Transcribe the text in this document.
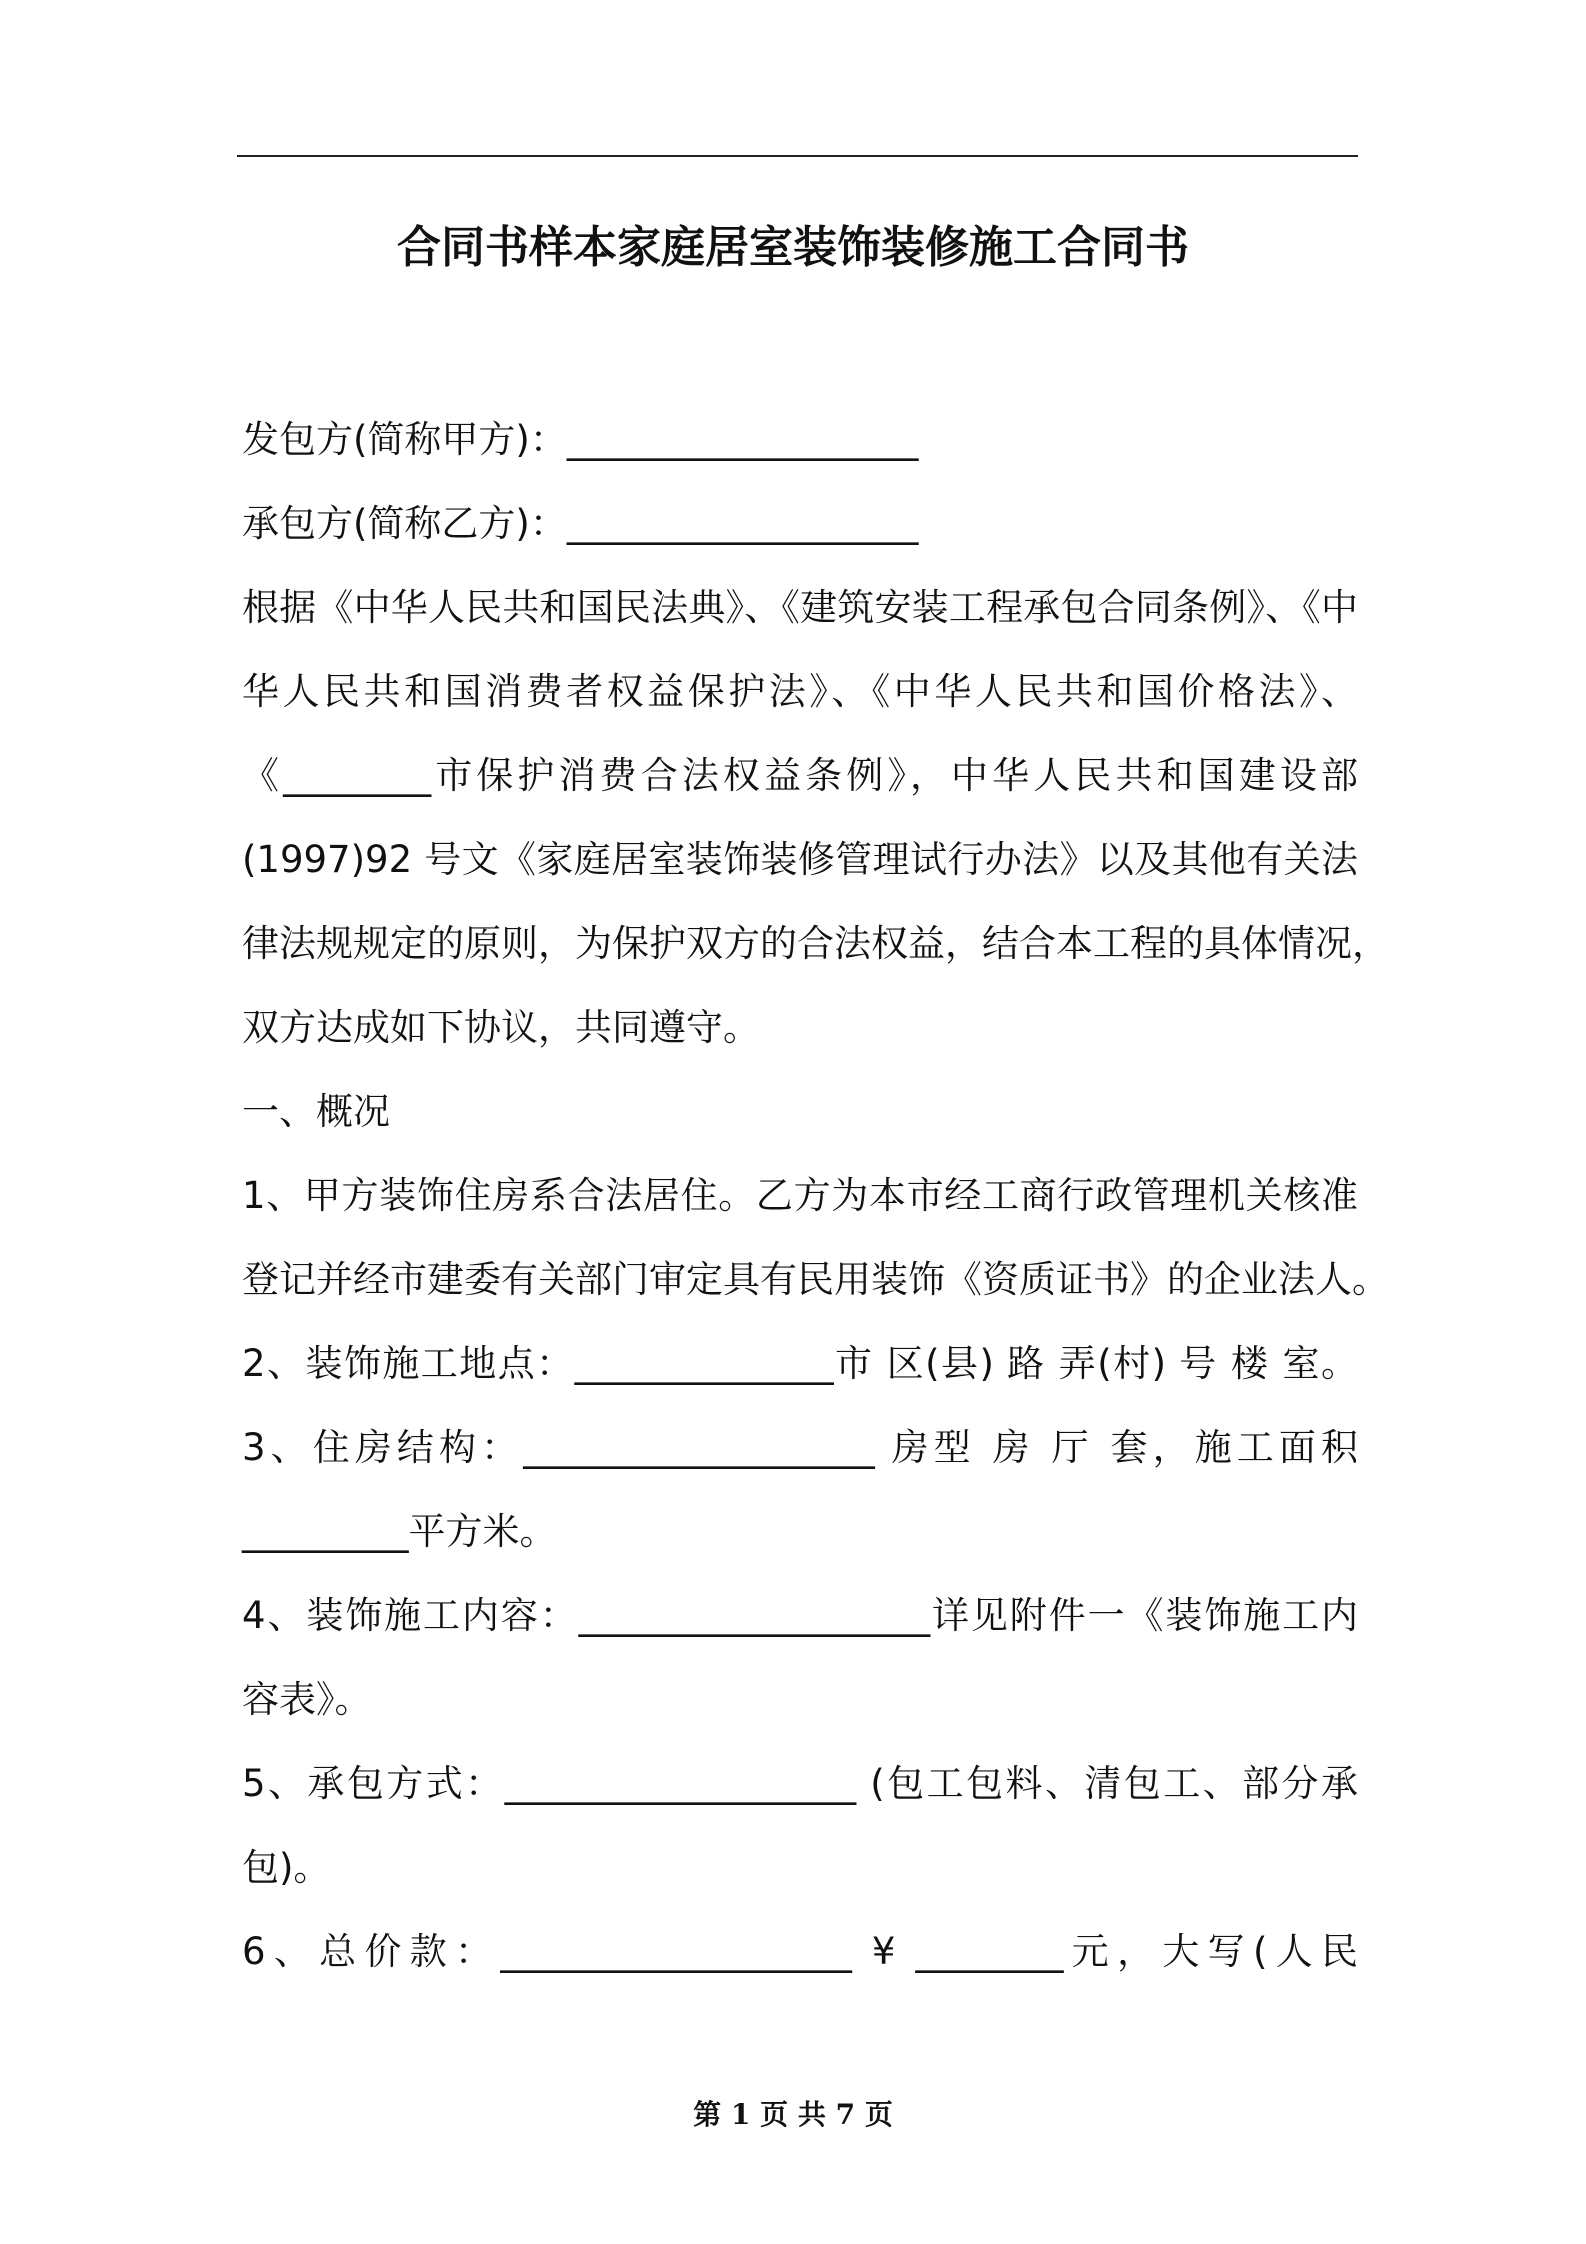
合同书样本家庭居室装饰装修施工合同书
发包方(简称甲方)：___________________
承包方(简称乙方)：___________________
根据《中华人民共和国民法典》、《建筑安装工程承包合同条例》、《中
华人民共和国消费者权益保护法》、《中华人民共和国价格法》、
《________市保护消费合法权益条例》，中华人民共和国建设部
(1997)92 号文《家庭居室装饰装修管理试行办法》以及其他有关法
律法规规定的原则，为保护双方的合法权益，结合本工程的具体情况，
双方达成如下协议，共同遵守。
一、概况
1、甲方装饰住房系合法居住。乙方为本市经工商行政管理机关核准
登记并经市建委有关部门审定具有民用装饰《资质证书》的企业法人。
2、装饰施工地点：______________市 区(县) 路 弄(村) 号 楼 室。
3、住房结构：___________________ 房型 房 厅 套，施工面积
_________平方米。
4、装饰施工内容：___________________详见附件一《装饰施工内
容表》。
5、承包方式：___________________ (包工包料、清包工、部分承
包)。
6、总价款：___________________ ¥ ________元，大写(人民
第 1 页 共 7 页
